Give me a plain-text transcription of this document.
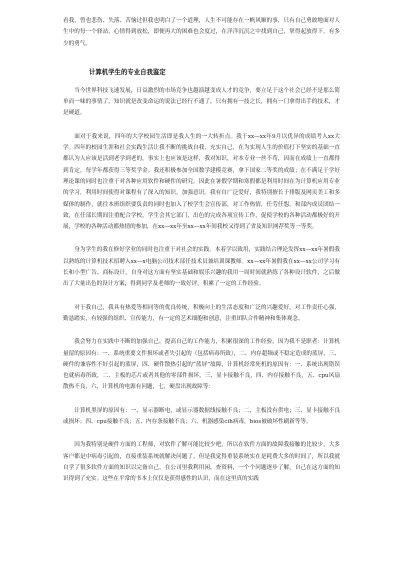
看我，曾也悲伤、失落、苦恼过但我也明白了一个道理，人生不可能存在一帆风顺的事，只有自己勇敢地面对人生中的每一个驿站，心情得到放松，即便再大的困难也会度过，在洋洋沉沉之中找到自己，掌得起放得下，有多少的勇气。

计算机学生的专业自我鉴定

当今世界科技飞速发展，日益激烈的市场竞争也越演越变成人才的竞争，要立足于这个社会已经不是那么简单而一味的事情了，知识就是改变命运的说法已经行不通了，只有拥有一技之长，拥有一门拿得出手的技术，才是硬道。

面对于我来说，四年的大学校园生活即是我人生的一大转折点。我于xx—xx年9月以优异的成绩考入xx大学。四年的校园生涯和社会实践生活让我不断的挑战自我，充实自己，在为实现人生的价值打下坚实的基础一直都认为人应该是活到老学到老的，事实上也应该是这样，我对知识，对本专业一丝不苟，因而在成绩上一直都得到肯定，每学年都获得三等奖学金。我还积极参加全国数学建模竞赛，拿下国家二等奖的成绩；在不满足于学好理论课的同时也注重于对各种应用软件和硬件的研究。因此在暑假学期和寒假都是利用时间在为计算机应用专业的学习，利用时间使得对课程有了深入的知识，加强意识。我有自广泛爱好，我特别擅长于排版及网页美工和多媒体的制作，就往本班组织要负责的同时也加入了校学生会宣传部，对工作热情，任劳任怨，和部内成员团结一致，在任部长期间注重配合学校，学生会其它部门，出色的完成各项宣传工作，促使学校的各种活动都极好的开展，学校的各种活动都热情的参加，在xx—xx年至xx—xx年间我校又得到了省及知识网荐奖等一等奖。

身为学生的我在修好学业的同时也注重于对社会的实践。本着学以致用，实践结合理论发挥xx—xx年暑假我以熟练的计算机技术招聘入xx—x电脑公司技术部任技术员兼培训课教师。xx—xx年暑假我在xx—xx公司学习有长和小型广告、商标设计，自身对这方面有坚实基础和娱乐兴趣的我用一周时间就熟练了各种设计软件，之后做出了大量出色的设计方案，得到同学及老师的一致好评，积累了一定的工作经验。

对于我自己，我具有热爱等相同等的优良传统，积极向上的生活态度和广泛的兴趣爱好，对工作责任心强，勤恳踏实，有较强的组织、宣传能力，有一定的艺术细胞和创意，注重团队合作精神和集体观念。

我会努力在实践中不断的加强自己，提高自己的工作能力，积累很深的工作经验，因为我不是职者：计算机量留的原因有：一、系统重要文件损坏或者失引起的（包括病毒所致），二、内存超频或不稳定造成的蓝屏，三、硬件的兼容性不好引起的蓝屏，四、硬件散热引起的“蓝屏”故障，计算机经常死机的原因有：一、系统出现错误也就病毒所致，二、主板的芯片或者其他的零部件损坏，三、显卡接触不良，四、内存接触不良，五、cpu风扇散热不良，六，计算机的电源有问题，七，硬盘出现故障等：

计算机黑屏的原因有：一、显示器断电，或显示器数据线接触不良；二、主板没有供电；三、显卡接触不良或损坏；四、cpu接触不良；五、内存条接触不良；六、机器感染cih病毒，bios被破坏性刷新等等。

因为我特别是硬件方面的工程师，对软件了解可能比较少吧，所以在软件方面的故障我接触的比较少，大多客户都是中病毒引起的，直接重装系统就解决问题了。但是我觉得重装系统实在是耗费大多的时间了，所以我就自学了很多软件方面的知识以完备自己，在公司里我利用闲，查资料，一个个问题逐步了解，自己在这方面的知识得到了充实。这些在平常的书本上仅仅是获得感性的认识，而在这里真的实践
